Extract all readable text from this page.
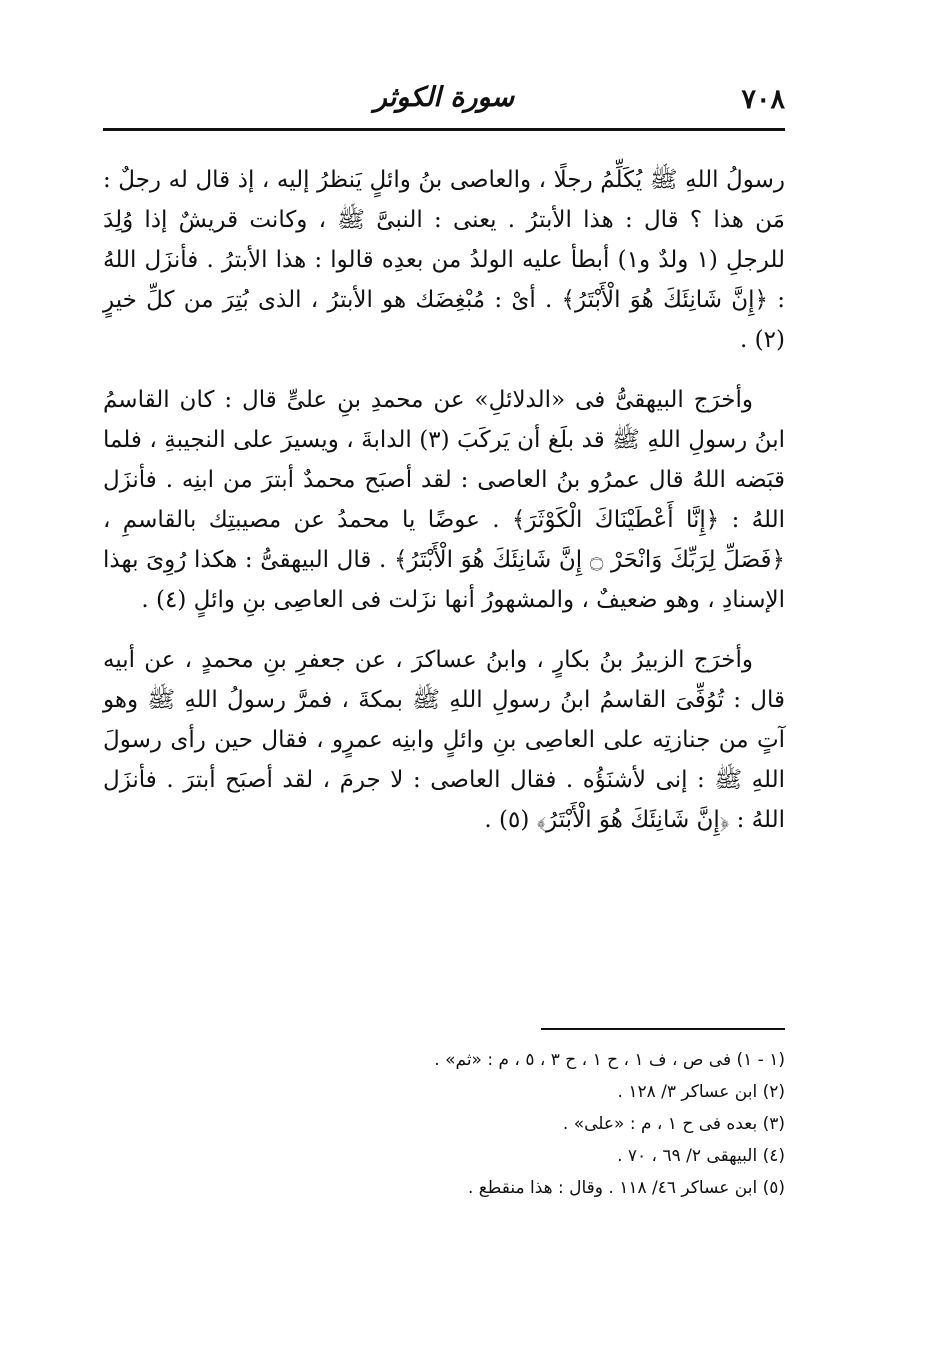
٧٠٨
سورة الكوثر

رسولُ اللهِ ﷺ يُكَلِّمُ رجلًا ، والعاصى بنُ وائلٍ يَنظرُ إليه ، إذ قال له رجلٌ : مَن هذا ؟ قال : هذا الأبترُ . يعنى : النبىَّ ﷺ ، وكانت قريشٌ إذا وُلِدَ للرجلِ (١ ولدٌ و١) أبطأ عليه الولدُ من بعدِه قالوا : هذا الأبترُ . فأنزَل اللهُ : ﴿إِنَّ شَانِئَكَ هُوَ الْأَبْتَرُ﴾ . أىْ : مُبْغِضَك هو الأبترُ ، الذى بُتِرَ من كلِّ خيرٍ (٢) .

وأخرَج البيهقىُّ فى «الدلائلِ» عن محمدِ بنِ علىٍّ قال : كان القاسمُ ابنُ رسولِ اللهِ ﷺ قد بلَغ أن يَركَبَ (٣) الدابةَ ، ويسيرَ على النجيبةِ ، فلما قبَضه اللهُ قال عمرُو بنُ العاصى : لقد أصبَح محمدٌ أبترَ من ابنِه . فأنزَل اللهُ : ﴿إِنَّا أَعْطَيْنَاكَ الْكَوْثَرَ﴾ . عوضًا يا محمدُ عن مصيبتِك بالقاسمِ ، ﴿فَصَلِّ لِرَبِّكَ وَانْحَرْ ۝ إِنَّ شَانِئَكَ هُوَ الْأَبْتَرُ﴾ . قال البيهقىُّ : هكذا رُوِىَ بهذا الإسنادِ ، وهو ضعيفٌ ، والمشهورُ أنها نزَلت فى العاصِى بنِ وائلٍ (٤) .

وأخرَج الزبيرُ بنُ بكارٍ ، وابنُ عساكرَ ، عن جعفرِ بنِ محمدٍ ، عن أبيه قال : تُوُفِّىَ القاسمُ ابنُ رسولِ اللهِ ﷺ بمكةَ ، فمرَّ رسولُ اللهِ ﷺ وهو آتٍ من جنازتِه على العاصِى بنِ وائلٍ وابنِه عمرٍو ، فقال حين رأى رسولَ اللهِ ﷺ : إنى لأشنَؤُه . فقال العاصى : لا جرمَ ، لقد أصبَح أبترَ . فأنزَل اللهُ : ﴿إِنَّ شَانِئَكَ هُوَ الْأَبْتَرُ﴾ (٥) .

(١ - ١) فى ص ، ف ١ ، ح ١ ، ح ٣ ، ٥ ، م : «ثم» .

(٢) ابن عساكر ٣/ ١٢٨ .

(٣) بعده فى ح ١ ، م : «على» .

(٤) البيهقى ٢/ ٦٩ ، ٧٠ .

(٥) ابن عساكر ٤٦/ ١١٨ . وقال : هذا منقطع .
